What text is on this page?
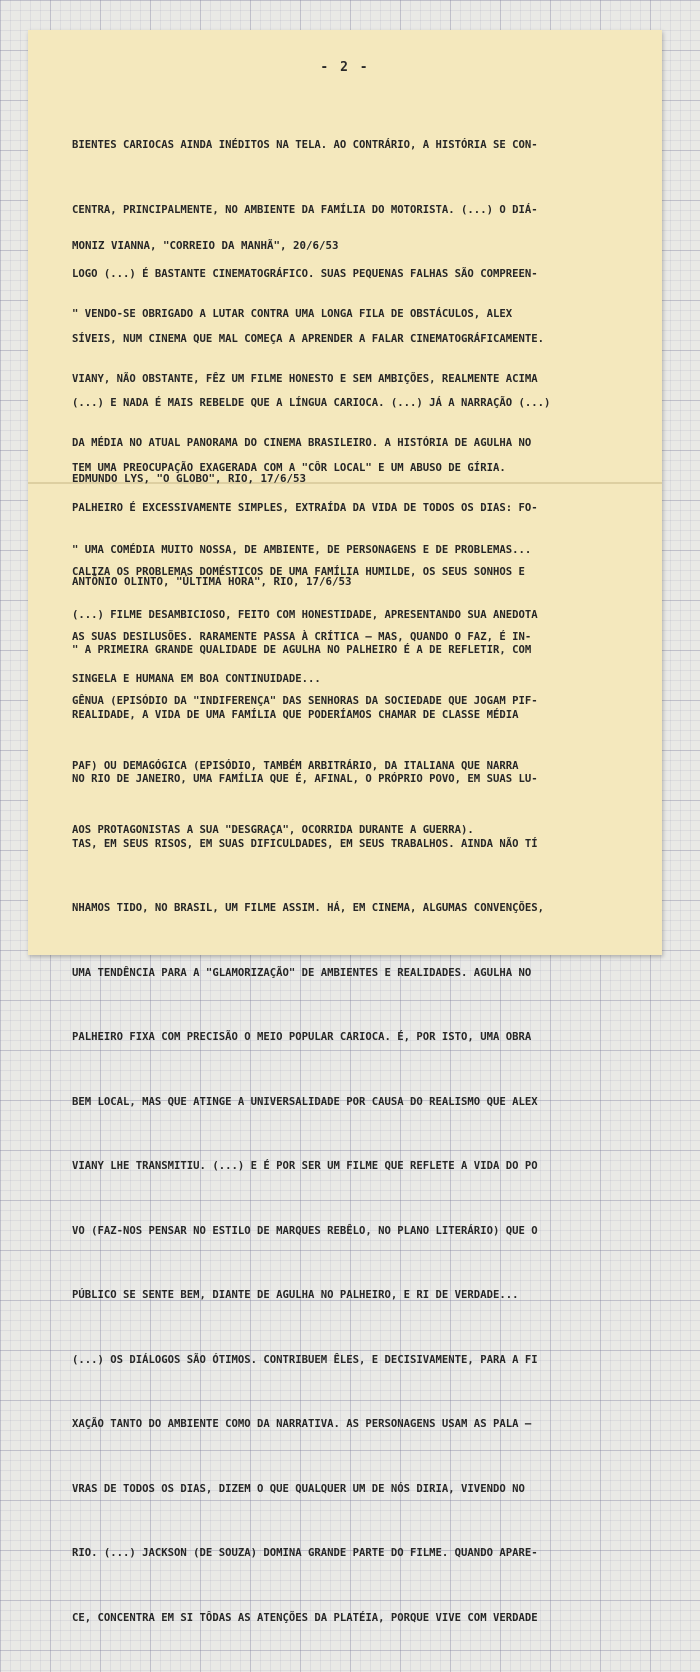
- 2 -

BIENTES CARIOCAS AINDA INÉDITOS NA TELA. AO CONTRÁRIO, A HISTÓRIA SE CON-

CENTRA, PRINCIPALMENTE, NO AMBIENTE DA FAMÍLIA DO MOTORISTA. (...) O DIÁ-

LOGO (...) É BASTANTE CINEMATOGRÁFICO. SUAS PEQUENAS FALHAS SÃO COMPREEN-

SÍVEIS, NUM CINEMA QUE MAL COMEÇA A APRENDER A FALAR CINEMATOGRÁFICAMENTE.

(...) E NADA É MAIS REBELDE QUE A LÍNGUA CARIOCA. (...) JÁ A NARRAÇÃO (...)

TEM UMA PREOCUPAÇÃO EXAGERADA COM A "CÔR LOCAL" E UM ABUSO DE GÍRIA.

MONIZ VIANNA, "CORREIO DA MANHÃ", 20/6/53

" VENDO-SE OBRIGADO A LUTAR CONTRA UMA LONGA FILA DE OBSTÁCULOS, ALEX

VIANY, NÃO OBSTANTE, FÊZ UM FILME HONESTO E SEM AMBIÇÕES, REALMENTE ACIMA

DA MÉDIA NO ATUAL PANORAMA DO CINEMA BRASILEIRO. A HISTÓRIA DE AGULHA NO

PALHEIRO É EXCESSIVAMENTE SIMPLES, EXTRAÍDA DA VIDA DE TODOS OS DIAS: FO-

CALIZA OS PROBLEMAS DOMÉSTICOS DE UMA FAMÍLIA HUMILDE, OS SEUS SONHOS E

AS SUAS DESILUSÕES. RARAMENTE PASSA À CRÍTICA — MAS, QUANDO O FAZ, É IN-

GÊNUA (EPISÓDIO DA "INDIFERENÇA" DAS SENHORAS DA SOCIEDADE QUE JOGAM PIF-

PAF) OU DEMAGÓGICA (EPISÓDIO, TAMBÉM ARBITRÁRIO, DA ITALIANA QUE NARRA

AOS PROTAGONISTAS A SUA "DESGRAÇA", OCORRIDA DURANTE A GUERRA).

EDMUNDO LYS, "O GLOBO", RIO, 17/6/53

" UMA COMÉDIA MUITO NOSSA, DE AMBIENTE, DE PERSONAGENS E DE PROBLEMAS...

(...) FILME DESAMBICIOSO, FEITO COM HONESTIDADE, APRESENTANDO SUA ANEDOTA

SINGELA E HUMANA EM BOA CONTINUIDADE...

ANTÔNIO OLINTO, "ÚLTIMA HORA", RIO, 17/6/53

" A PRIMEIRA GRANDE QUALIDADE DE AGULHA NO PALHEIRO É A DE REFLETIR, COM

REALIDADE, A VIDA DE UMA FAMÍLIA QUE PODERÍAMOS CHAMAR DE CLASSE MÉDIA

NO RIO DE JANEIRO, UMA FAMÍLIA QUE É, AFINAL, O PRÓPRIO POVO, EM SUAS LU-

TAS, EM SEUS RISOS, EM SUAS DIFICULDADES, EM SEUS TRABALHOS. AINDA NÃO TÍ

NHAMOS TIDO, NO BRASIL, UM FILME ASSIM. HÁ, EM CINEMA, ALGUMAS CONVENÇÕES,

UMA TENDÊNCIA PARA A "GLAMORIZAÇÃO" DE AMBIENTES E REALIDADES. AGULHA NO

PALHEIRO FIXA COM PRECISÃO O MEIO POPULAR CARIOCA. É, POR ISTO, UMA OBRA

BEM LOCAL, MAS QUE ATINGE A UNIVERSALIDADE POR CAUSA DO REALISMO QUE ALEX

VIANY LHE TRANSMITIU. (...) E É POR SER UM FILME QUE REFLETE A VIDA DO PO

VO (FAZ-NOS PENSAR NO ESTILO DE MARQUES REBÊLO, NO PLANO LITERÁRIO) QUE O

PÚBLICO SE SENTE BEM, DIANTE DE AGULHA NO PALHEIRO, E RI DE VERDADE...

(...) OS DIÁLOGOS SÃO ÓTIMOS. CONTRIBUEM ÊLES, E DECISIVAMENTE, PARA A FI

XAÇÃO TANTO DO AMBIENTE COMO DA NARRATIVA. AS PERSONAGENS USAM AS PALA —

VRAS DE TODOS OS DIAS, DIZEM O QUE QUALQUER UM DE NÓS DIRIA, VIVENDO NO

RIO. (...) JACKSON (DE SOUZA) DOMINA GRANDE PARTE DO FILME. QUANDO APARE-

CE, CONCENTRA EM SI TÔDAS AS ATENÇÕES DA PLATÉIA, PORQUE VIVE COM VERDADE
